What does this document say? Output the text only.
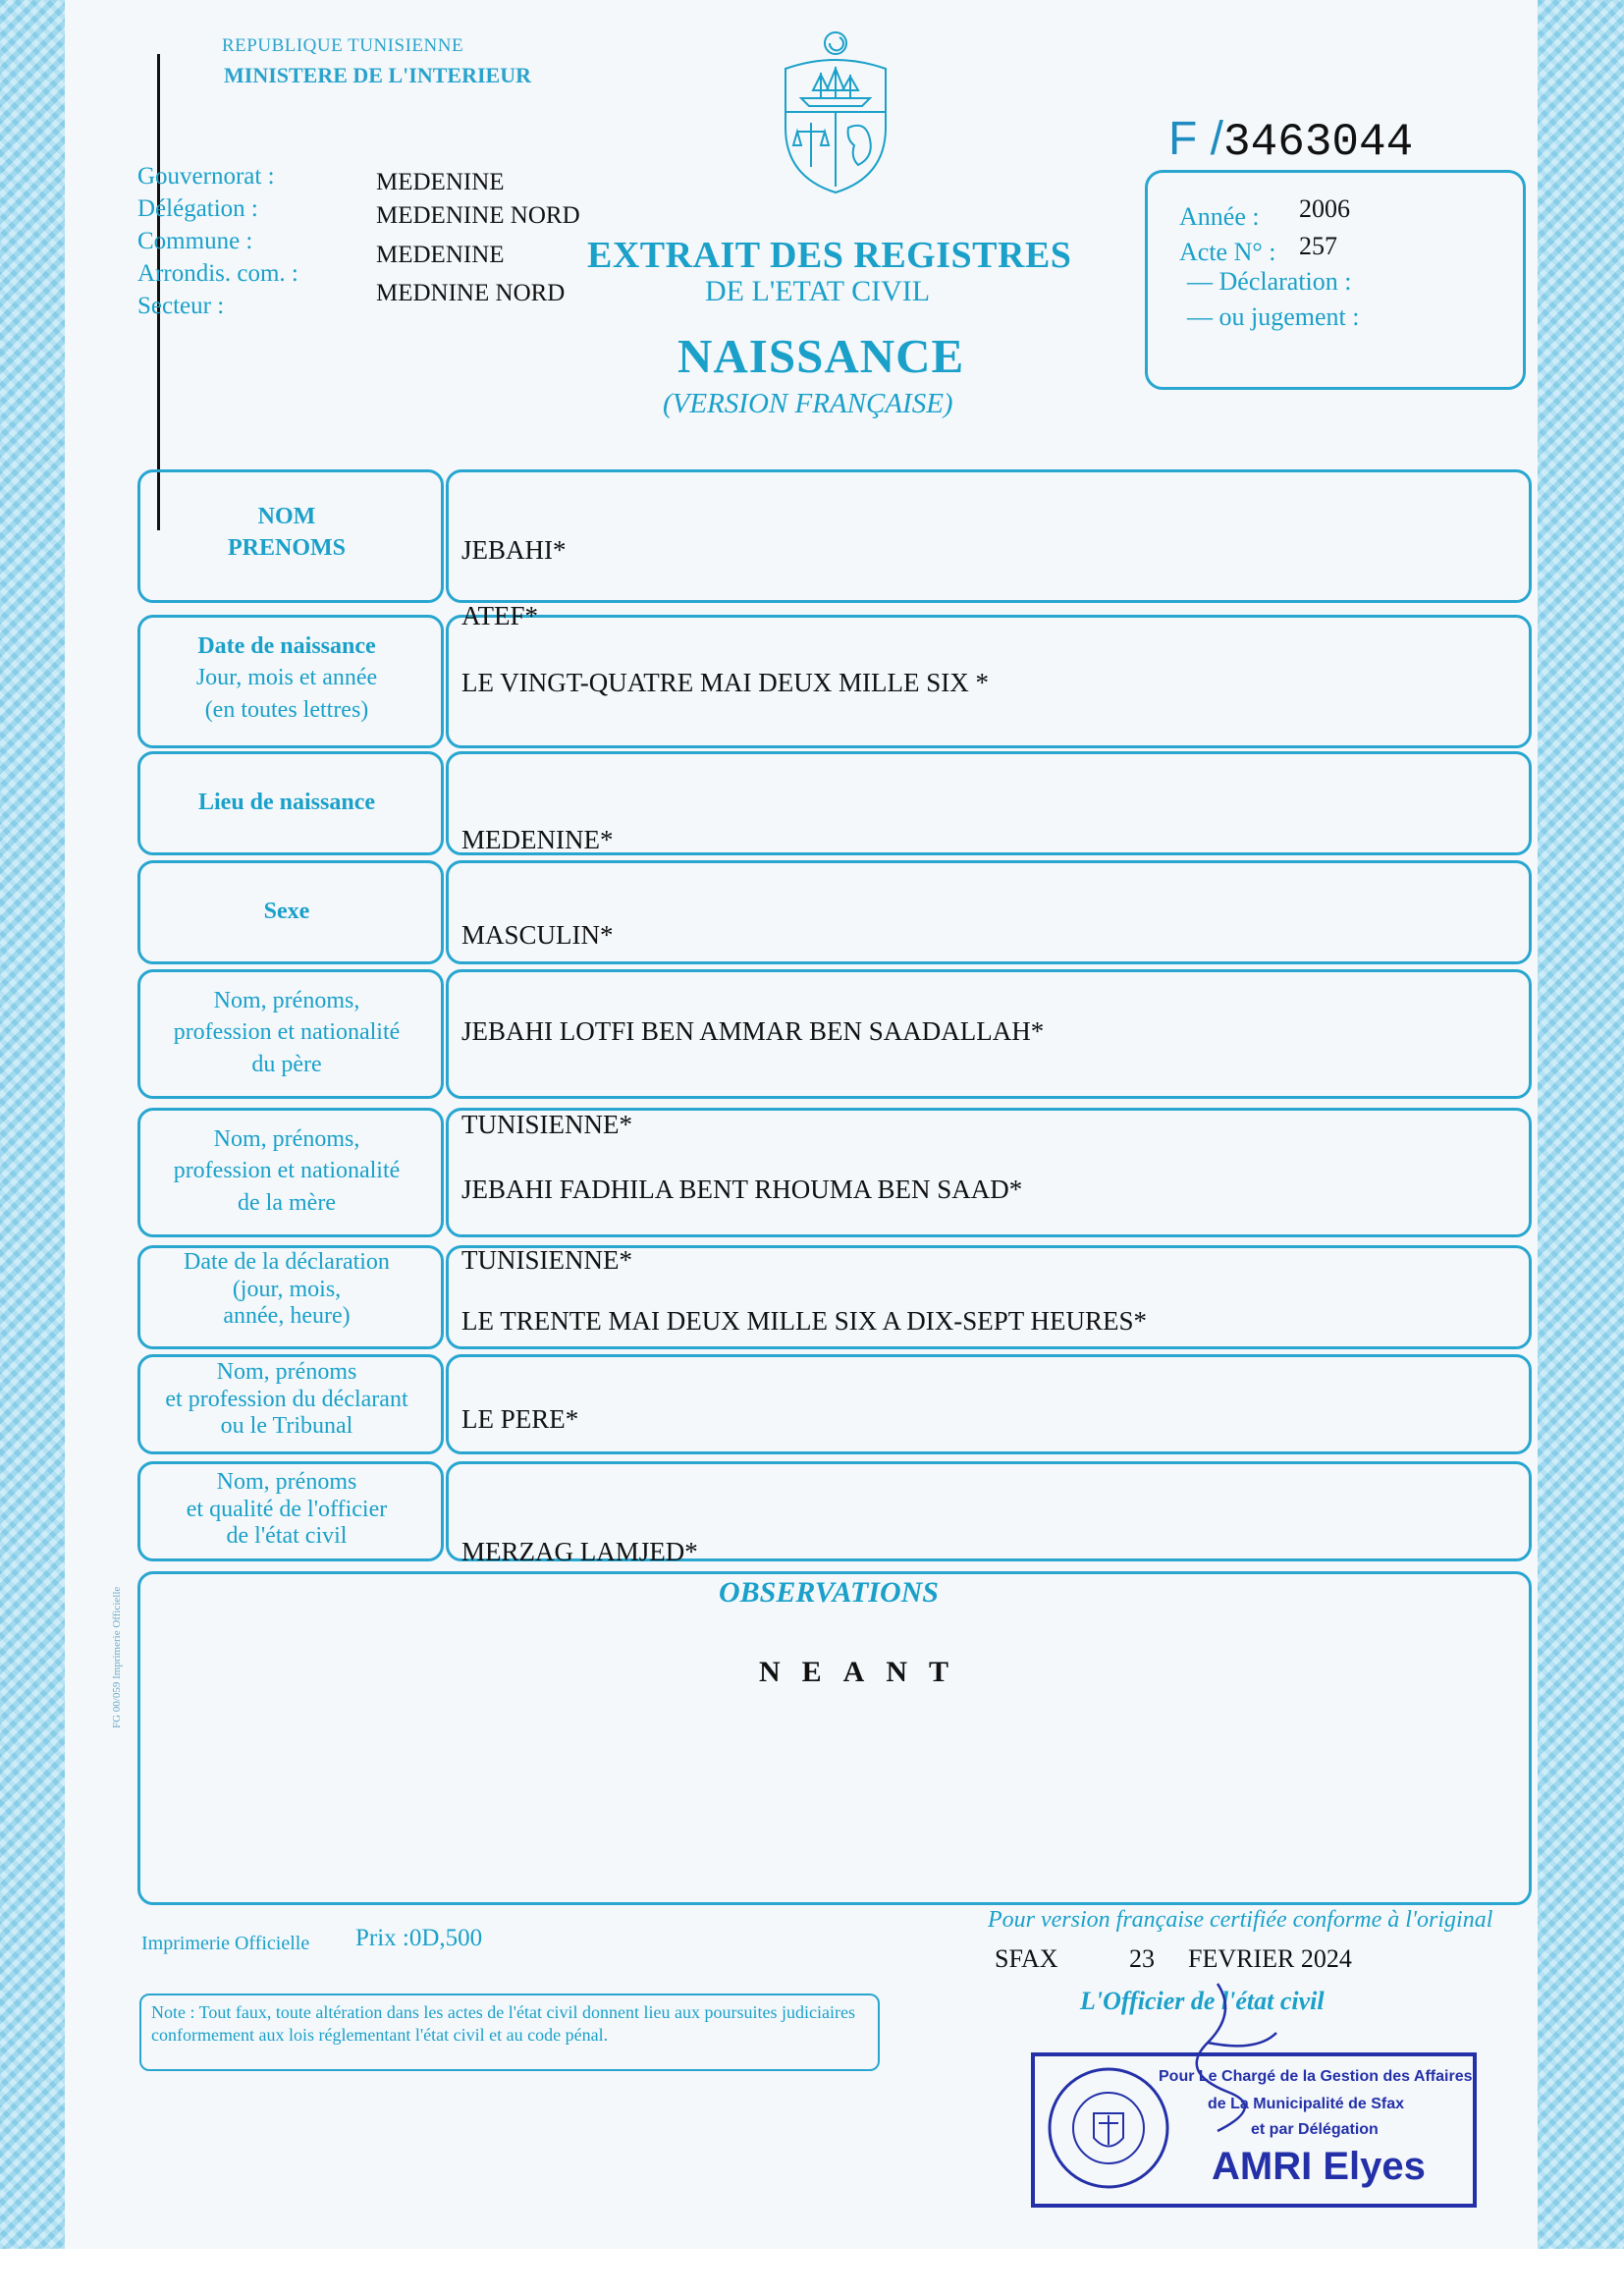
REPUBLIQUE TUNISIENNE
MINISTERE DE L'INTERIEUR
F /3463044
Gouvernorat :
Délégation :
Commune :
Arrondis. com. :
Secteur :
MEDENINE
MEDENINE NORD
MEDENINE
MEDNINE NORD
EXTRAIT DES REGISTRES
DE L'ETAT CIVIL
NAISSANCE
(VERSION FRANÇAISE)
Année : 2006
Acte N° : 257
— Déclaration :
— ou jugement :
NOM
PRENOMS
Date de naissance
Jour, mois et année
(en toutes lettres)
Lieu de naissance
Sexe
Nom, prénoms,
profession et nationalité
du père
Nom, prénoms,
profession et nationalité
de la mère
Date de la déclaration
(jour, mois,
année, heure)
Nom, prénoms
et profession du déclarant
ou le Tribunal
Nom, prénoms
et qualité de l'officier
de l'état civil
JEBAHI*
ATEF*
LE VINGT-QUATRE MAI DEUX MILLE SIX *
MEDENINE*
MASCULIN*
JEBAHI LOTFI BEN AMMAR BEN SAADALLAH*
TUNISIENNE*
JEBAHI FADHILA BENT RHOUMA BEN SAAD*
TUNISIENNE*
LE TRENTE MAI DEUX MILLE SIX A DIX-SEPT HEURES*
LE PERE*
MERZAG LAMJED*
OBSERVATIONS
NEANT
FG 00/059 Imprimerie Officielle
Imprimerie Officielle Prix :0D,500
Note : Tout faux, toute altération dans les actes de l'état civil donnent lieu aux poursuites judiciaires conformement aux lois réglementant l'état civil et au code pénal.
Pour version française certifiée conforme à l'original
SFAX	23 FEVRIER 2024
L'Officier de l'état civil
Pour Le Chargé de la Gestion des Affaires
de La Municipalité de Sfax
et par Délégation
AMRI Elyes
